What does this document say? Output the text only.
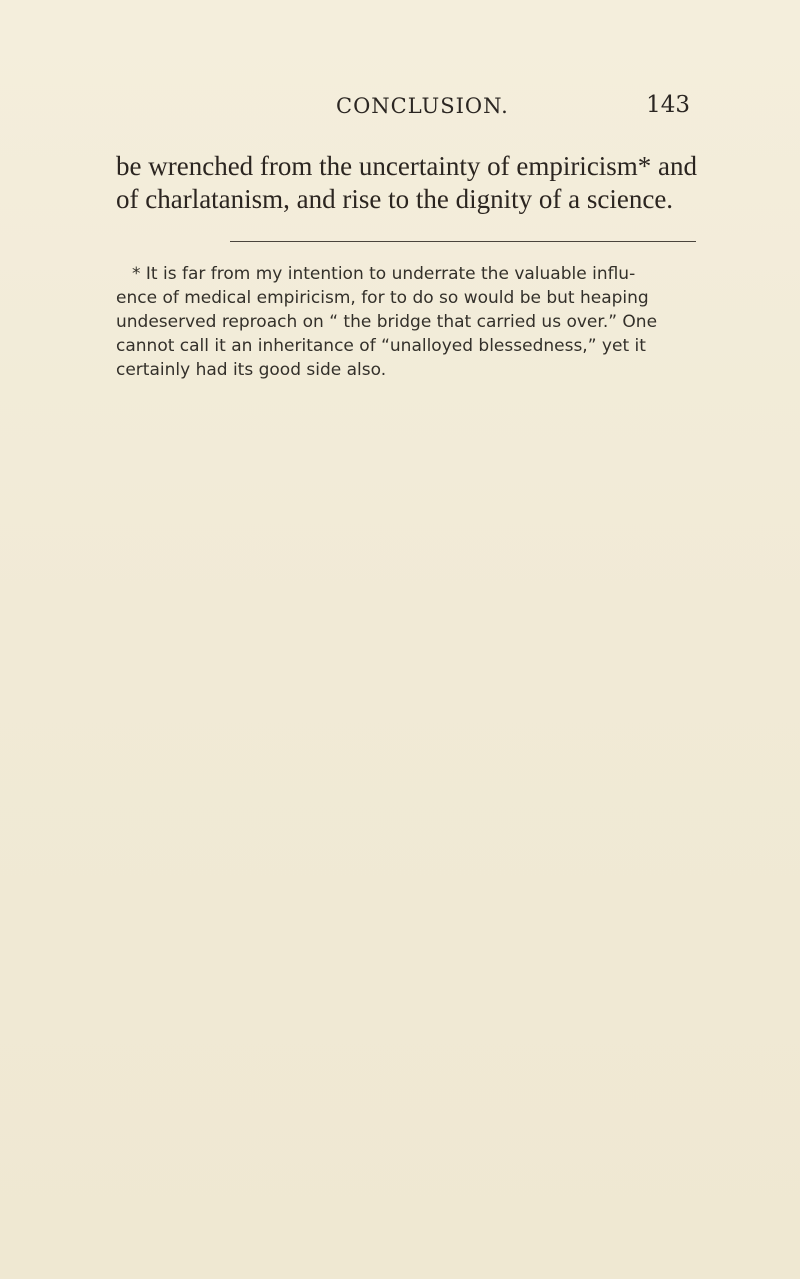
CONCLUSION.	143
be wrenched from the uncertainty of empiricism* and
of charlatanism, and rise to the dignity of a science.
* It is far from my intention to underrate the valuable influ-
ence of medical empiricism, for to do so would be but heaping
undeserved reproach on “ the bridge that carried us over.” One
cannot call it an inheritance of “unalloyed blessedness,” yet it
certainly had its good side also.
